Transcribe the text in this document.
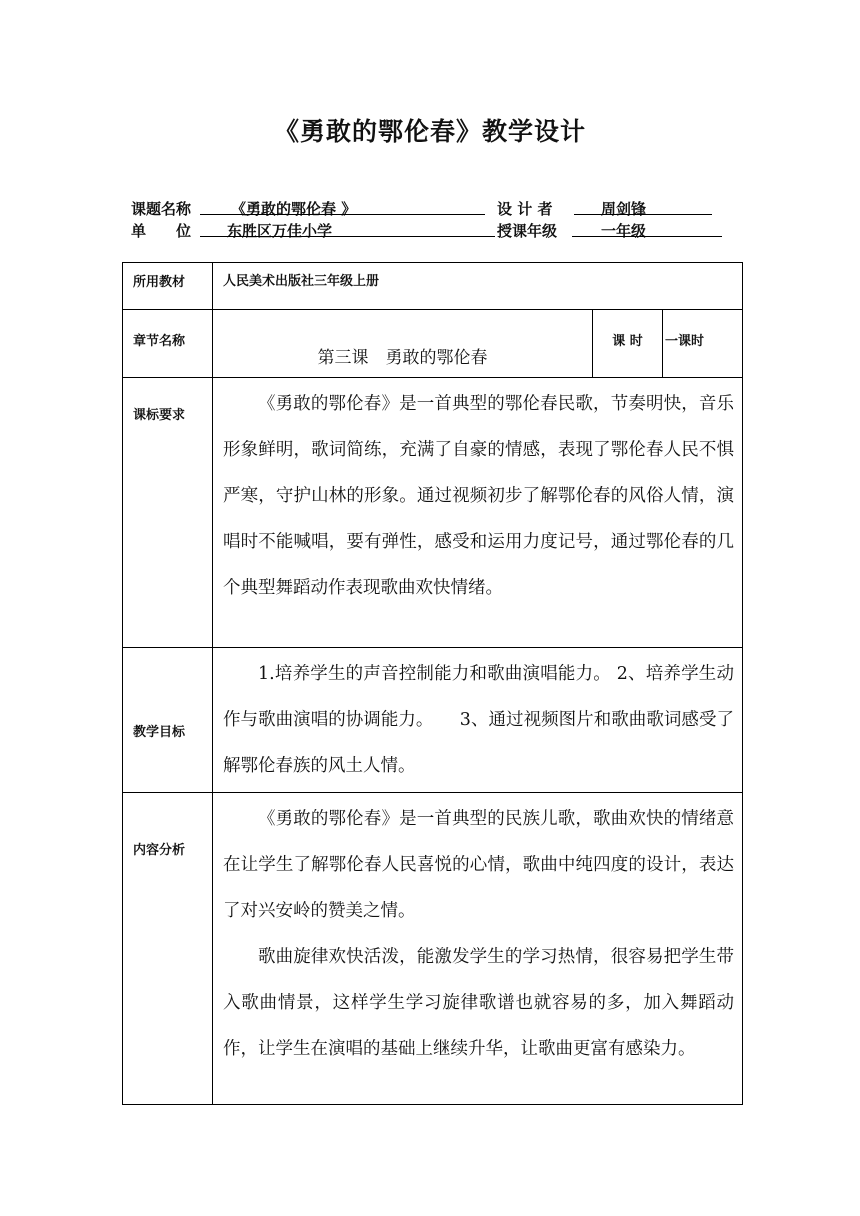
《勇敢的鄂伦春》教学设计
课题名称	《勇敢的鄂伦春 》	设 计 者	周剑锋
单　　位 东胜区万佳小学	授课年级	一年级
所用教材	人民美术出版社三年级上册		
章节名称	第三课　勇敢的鄂伦春	课 时	一课时
课标要求	《勇敢的鄂伦春》是一首典型的鄂伦春民歌，节奏明快，音乐形象鲜明，歌词简练，充满了自豪的情感，表现了鄂伦春人民不惧严寒，守护山林的形象。通过视频初步了解鄂伦春的风俗人情，演唱时不能喊唱，要有弹性，感受和运用力度记号，通过鄂伦春的几个典型舞蹈动作表现歌曲欢快情绪。		

教学目标	1.培养学生的声音控制能力和歌曲演唱能力。 2、培养学生动作与歌曲演唱的协调能力。　　3、通过视频图片和歌曲歌词感受了解鄂伦春族的风土人情。		

内容分析	《勇敢的鄂伦春》是一首典型的民族儿歌，歌曲欢快的情绪意在让学生了解鄂伦春人民喜悦的心情，歌曲中纯四度的设计，表达了对兴安岭的赞美之情。

歌曲旋律欢快活泼，能激发学生的学习热情，很容易把学生带入歌曲情景，这样学生学习旋律歌谱也就容易的多，加入舞蹈动作，让学生在演唱的基础上继续升华，让歌曲更富有感染力。		
